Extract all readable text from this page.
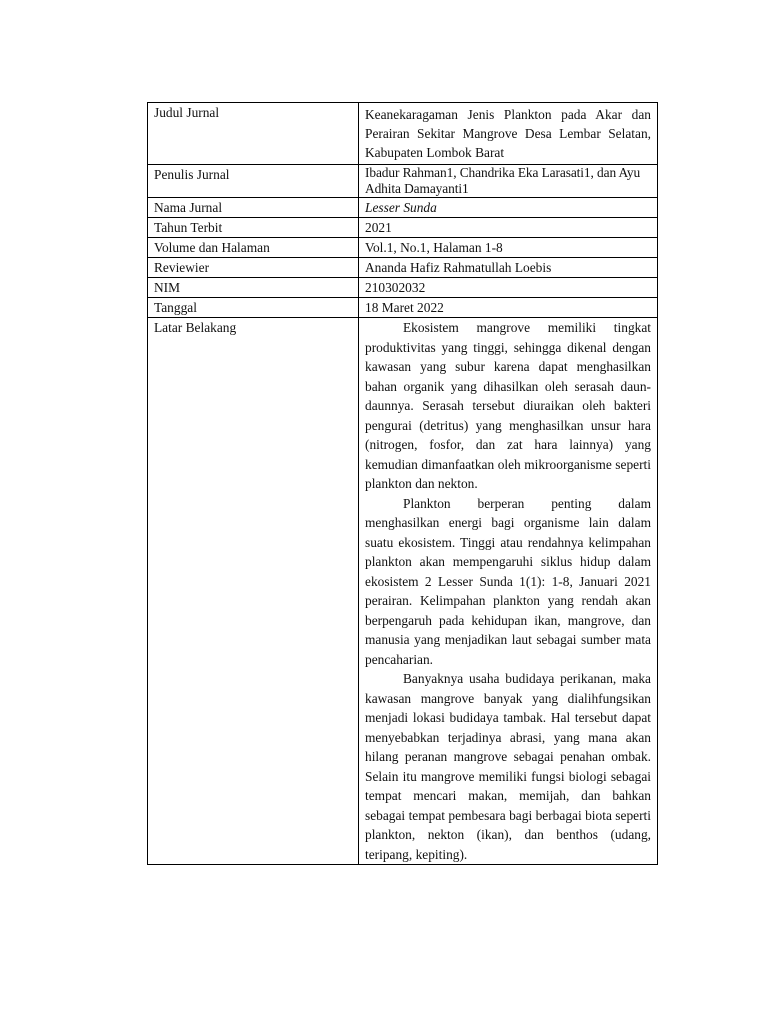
Judul Jurnal	Keanekaragaman Jenis Plankton pada Akar dan Perairan Sekitar Mangrove Desa Lembar Selatan, Kabupaten Lombok Barat
Penulis Jurnal	Ibadur Rahman1, Chandrika Eka Larasati1, dan Ayu Adhita Damayanti1
Nama Jurnal	Lesser Sunda
Tahun Terbit	2021
Volume dan Halaman	Vol.1, No.1, Halaman 1-8
Reviewier	Ananda Hafiz Rahmatullah Loebis
NIM	210302032
Tanggal	18 Maret 2022
Latar Belakang	Ekosistem mangrove memiliki tingkat produktivitas yang tinggi, sehingga dikenal dengan kawasan yang subur karena dapat menghasilkan bahan organik yang dihasilkan oleh serasah daun-daunnya. Serasah tersebut diuraikan oleh bakteri pengurai (detritus) yang menghasilkan unsur hara (nitrogen, fosfor, dan zat hara lainnya) yang kemudian dimanfaatkan oleh mikroorganisme seperti plankton dan nekton.

Plankton berperan penting dalam menghasilkan energi bagi organisme lain dalam suatu ekosistem. Tinggi atau rendahnya kelimpahan plankton akan mempengaruhi siklus hidup dalam ekosistem 2 Lesser Sunda 1(1): 1-8, Januari 2021 perairan. Kelimpahan plankton yang rendah akan berpengaruh pada kehidupan ikan, mangrove, dan manusia yang menjadikan laut sebagai sumber mata pencaharian.

Banyaknya usaha budidaya perikanan, maka kawasan mangrove banyak yang dialihfungsikan menjadi lokasi budidaya tambak. Hal tersebut dapat menyebabkan terjadinya abrasi, yang mana akan hilang peranan mangrove sebagai penahan ombak. Selain itu mangrove memiliki fungsi biologi sebagai tempat mencari makan, memijah, dan bahkan sebagai tempat pembesara bagi berbagai biota seperti plankton, nekton (ikan), dan benthos (udang, teripang, kepiting).
